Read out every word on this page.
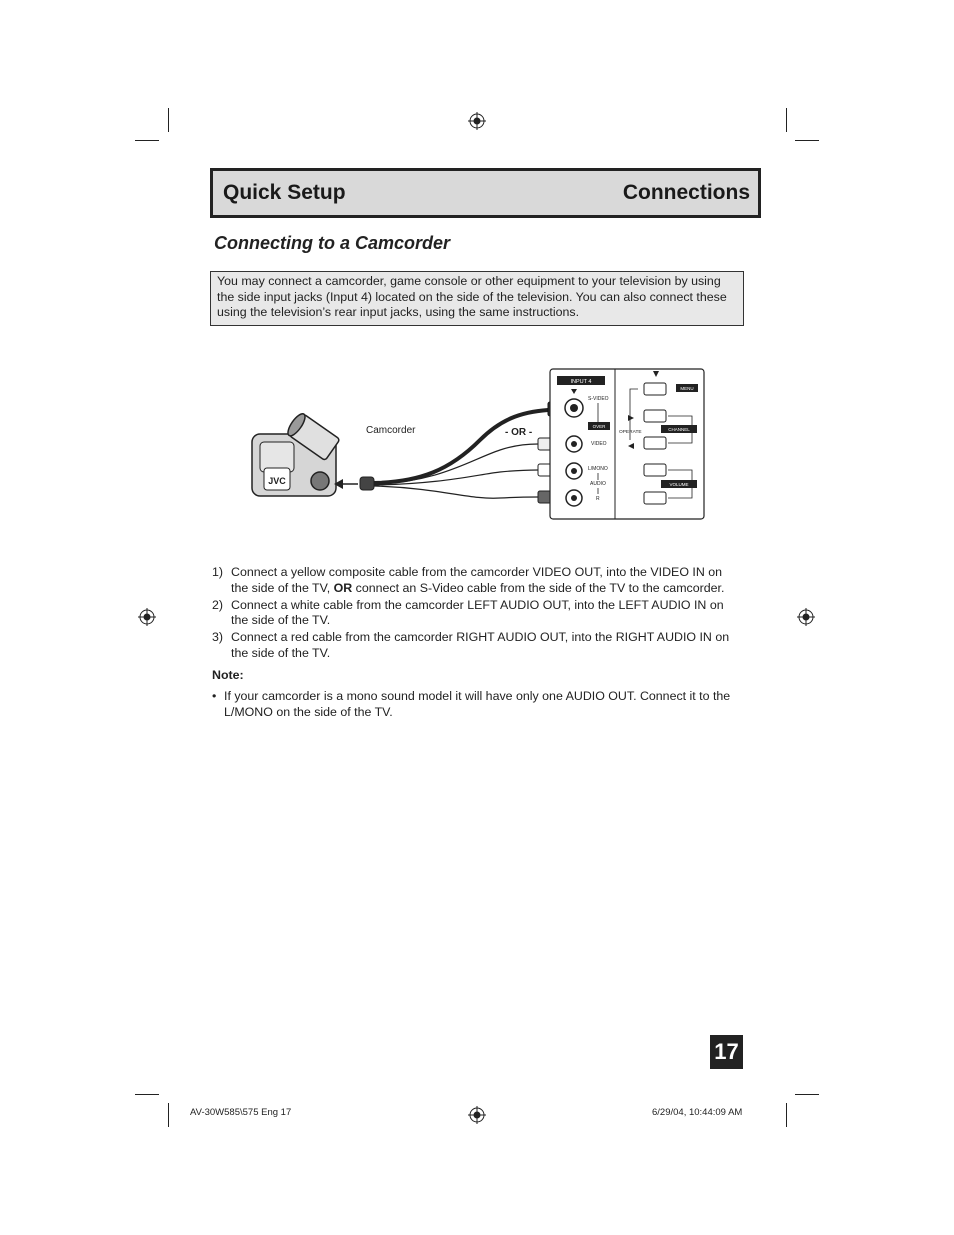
Quick Setup	Connections
Connecting to a Camcorder
You may connect a camcorder, game console or other equipment to your television by using the side input jacks (Input 4) located on the side of the television. You can also connect these using the television’s rear input jacks, using the same instructions.
JVC
Camcorder	- OR -
INPUT 4
S-VIDEO
OVER
VIDEO
L/MONO
AUDIO
R
MENU
OPERATE
CHANNEL
VOLUME
1) Connect a yellow composite cable from the camcorder VIDEO OUT, into the VIDEO IN on the side of the TV, OR connect an S-Video cable from the side of the TV to the camcorder.
2) Connect a white cable from the camcorder LEFT AUDIO OUT, into the LEFT AUDIO IN on the side of the TV.
3) Connect a red cable from the camcorder RIGHT AUDIO OUT, into the RIGHT AUDIO IN on the side of the TV.
Note:
• If your camcorder is a mono sound model it will have only one AUDIO OUT. Connect it to the L/MONO on the side of the TV.
17
AV-30W585\575 Eng 17	6/29/04, 10:44:09 AM
